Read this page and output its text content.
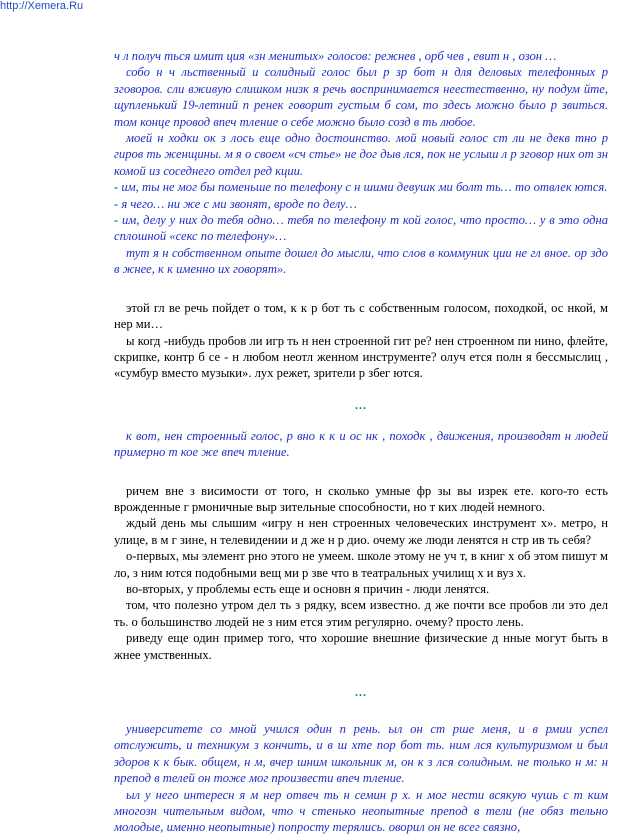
http://Xemera.Ru

ч л получ ться имит ция «зн менитых» голосов: режнев , орб чев , евит н , озон …

собо н ч льственный и солидный голос был р зр бот н для деловых телефонных р зговоров. сли вживую слишком низк я речь воспринимается неестественно, ну подум йте, щупленький 19-летний п ренек говорит густым б сом, то здесь можно было р звиться. том конце провод впеч тление о себе можно было созд в ть любое.

моей н ходки ок з лось еще одно достоинство. мой новый голос ст ли не декв тно р гиров ть женщины. м я о своем «сч стье» не дог дыв лся, пок не услыш л р зговор них от зн комой из соседнего отдел ред кции.

- им, ты не мог бы поменьше по телефону с н шими девушк ми болт ть… то отвлек ются.

- я чего… ни же с ми звонят, вроде по делу…

- им, делу у них до тебя одно… тебя по телефону т кой голос, что просто… у в это одна сплошной «секс по телефону»…

тут я н собственном опыте дошел до мысли, что слов в коммуник ции не гл вное. ор здо в жнее, к к именно их говорят».

этой гл ве речь пойдет о том, к к р бот ть с собственным голосом, походкой, ос нкой, м нер ми…

ы когд -нибудь пробов ли игр ть н нен строенной гит ре? нен строенном пи нино, флейте, скрипке, контр б се - н любом неотл женном инструменте? олуч ется полн я бессмыслиц , «сумбур вместо музыки». лух режет, зрители р збег ются.

...

к вот, нен строенный голос, р вно к к и ос нк , походк , движения, производят н людей примерно т кое же впеч тление.

ричем вне з висимости от того, н сколько умные фр зы вы изрек ете. кого-то есть врожденные г рмоничные выр зительные способности, но т ких людей немного.

ждый день мы слышим «игру н нен строенных человеческих инструмент х». метро, н улице, в м г зине, н телевидении и д же н р дио. очему же люди ленятся н стр ив ть себя?

о-первых, мы элемент рно этого не умеем. школе этому не уч т, в книг х об этом пишут м ло, з ним ются подобными вещ ми р зве что в театральных училищ х и вуз х.

во-вторых, у проблемы есть еще и основн я причин - люди ленятся.

том, что полезно утром дел ть з рядку, всем известно. д же почти все пробов ли это дел ть. о большинство людей не з ним ется этим регулярно. очему? просто лень.

риведу еще один пример того, что хорошие внешние физические д нные могут быть в жнее умственных.

...

университете со мной учился один п рень. ыл он ст рше меня, и в рмии успел отслужить, и техникум з кончить, и в ш хте пор бот ть. ним лся культуризмом и был здоров к к бык. общем, н м, вчер шним школьник м, он к з лся солидным. не только н м: н препод в телей он тоже мог произвести впеч тление.

ыл у него интересн я м нер отвеч ть н семин р х. н мог нести всякую чушь с т ким многозн чительным видом, что ч стенько неопытные препод в тели (не обяз тельно молодые, именно неопытные) попросту терялись. оворил он не всег связно,
